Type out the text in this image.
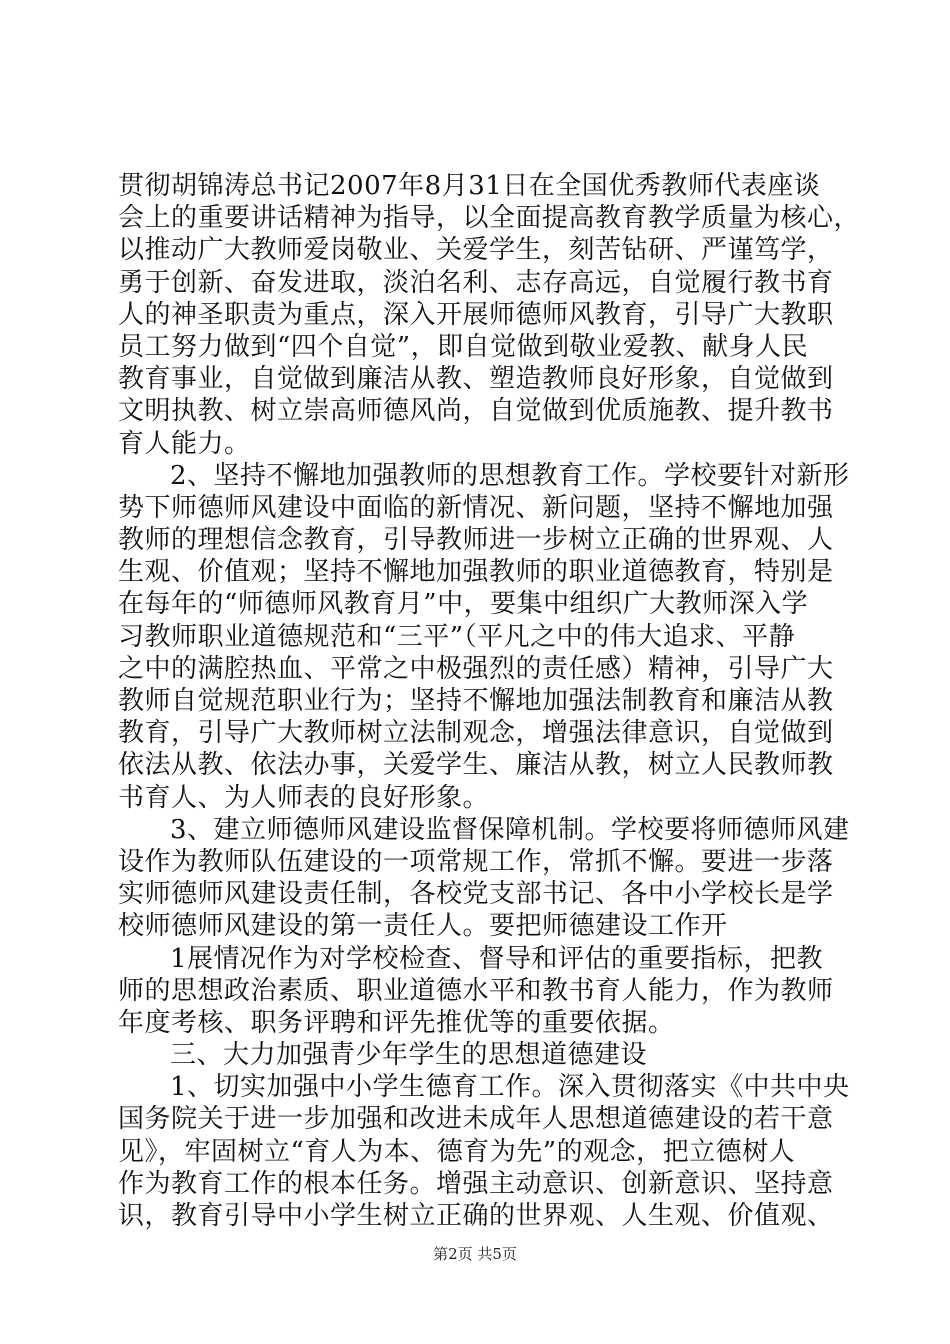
贯彻胡锦涛总书记2007年8月31日在全国优秀教师代表座谈
会上的重要讲话精神为指导，以全面提高教育教学质量为核心，
以推动广大教师爱岗敬业、关爱学生，刻苦钻研、严谨笃学，
勇于创新、奋发进取，淡泊名利、志存高远，自觉履行教书育
人的神圣职责为重点，深入开展师德师风教育，引导广大教职
员工努力做到“四个自觉”，即自觉做到敬业爱教、献身人民
教育事业，自觉做到廉洁从教、塑造教师良好形象，自觉做到
文明执教、树立崇高师德风尚，自觉做到优质施教、提升教书
育人能力。
2、坚持不懈地加强教师的思想教育工作。学校要针对新形
势下师德师风建设中面临的新情况、新问题，坚持不懈地加强
教师的理想信念教育，引导教师进一步树立正确的世界观、人
生观、价值观；坚持不懈地加强教师的职业道德教育，特别是
在每年的“师德师风教育月”中，要集中组织广大教师深入学
习教师职业道德规范和“三平”（平凡之中的伟大追求、平静
之中的满腔热血、平常之中极强烈的责任感）精神，引导广大
教师自觉规范职业行为；坚持不懈地加强法制教育和廉洁从教
教育，引导广大教师树立法制观念，增强法律意识，自觉做到
依法从教、依法办事，关爱学生、廉洁从教，树立人民教师教
书育人、为人师表的良好形象。
3、建立师德师风建设监督保障机制。学校要将师德师风建
设作为教师队伍建设的一项常规工作，常抓不懈。要进一步落
实师德师风建设责任制，各校党支部书记、各中小学校长是学
校师德师风建设的第一责任人。要把师德建设工作开
1展情况作为对学校检查、督导和评估的重要指标，把教
师的思想政治素质、职业道德水平和教书育人能力，作为教师
年度考核、职务评聘和评先推优等的重要依据。
三、大力加强青少年学生的思想道德建设
1、切实加强中小学生德育工作。深入贯彻落实《中共中央
国务院关于进一步加强和改进未成年人思想道德建设的若干意
见》，牢固树立“育人为本、德育为先”的观念，把立德树人
作为教育工作的根本任务。增强主动意识、创新意识、坚持意
识，教育引导中小学生树立正确的世界观、人生观、价值观、
第2页 共5页
